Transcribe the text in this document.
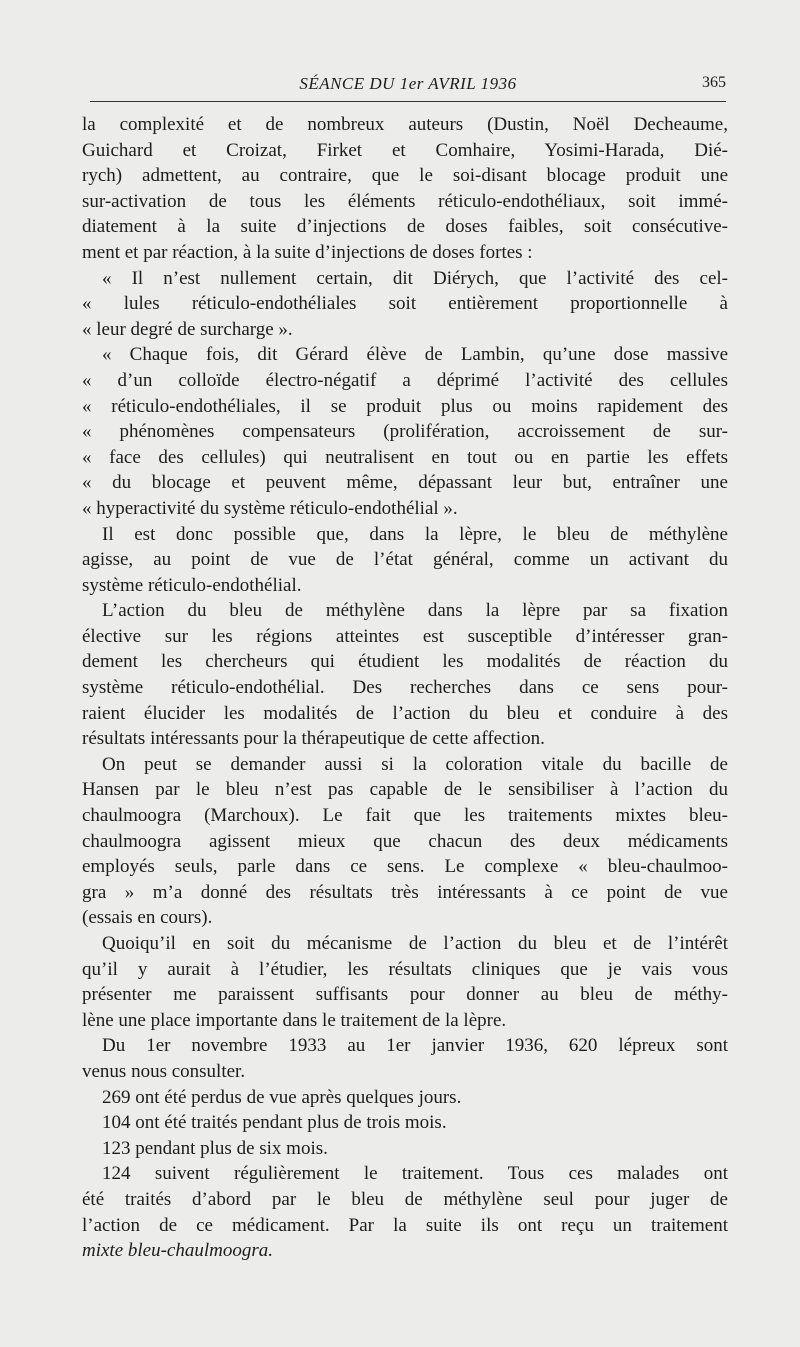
SÉANCE DU 1er AVRIL 1936	365
la complexité et de nombreux auteurs (Dustin, Noël Decheaume,
Guichard et Croizat, Firket et Comhaire, Yosimi-Harada, Dié-
rych) admettent, au contraire, que le soi-disant blocage produit une
sur-activation de tous les éléments réticulo-endothéliaux, soit immé-
diatement à la suite d’injections de doses faibles, soit consécutive-
ment et par réaction, à la suite d’injections de doses fortes :
« Il n’est nullement certain, dit Diérych, que l’activité des cel-
« lules réticulo-endothéliales soit entièrement proportionnelle à
« leur degré de surcharge ».
« Chaque fois, dit Gérard élève de Lambin, qu’une dose massive
« d’un colloïde électro-négatif a déprimé l’activité des cellules
« réticulo-endothéliales, il se produit plus ou moins rapidement des
« phénomènes compensateurs (prolifération, accroissement de sur-
« face des cellules) qui neutralisent en tout ou en partie les effets
« du blocage et peuvent même, dépassant leur but, entraîner une
« hyperactivité du système réticulo-endothélial ».
Il est donc possible que, dans la lèpre, le bleu de méthylène
agisse, au point de vue de l’état général, comme un activant du
système réticulo-endothélial.
L’action du bleu de méthylène dans la lèpre par sa fixation
élective sur les régions atteintes est susceptible d’intéresser gran-
dement les chercheurs qui étudient les modalités de réaction du
système réticulo-endothélial. Des recherches dans ce sens pour-
raient élucider les modalités de l’action du bleu et conduire à des
résultats intéressants pour la thérapeutique de cette affection.
On peut se demander aussi si la coloration vitale du bacille de
Hansen par le bleu n’est pas capable de le sensibiliser à l’action du
chaulmoogra (Marchoux). Le fait que les traitements mixtes bleu-
chaulmoogra agissent mieux que chacun des deux médicaments
employés seuls, parle dans ce sens. Le complexe « bleu-chaulmoo-
gra » m’a donné des résultats très intéressants à ce point de vue
(essais en cours).
Quoiqu’il en soit du mécanisme de l’action du bleu et de l’intérêt
qu’il y aurait à l’étudier, les résultats cliniques que je vais vous
présenter me paraissent suffisants pour donner au bleu de méthy-
lène une place importante dans le traitement de la lèpre.
Du 1er novembre 1933 au 1er janvier 1936, 620 lépreux sont
venus nous consulter.
269 ont été perdus de vue après quelques jours.
104 ont été traités pendant plus de trois mois.
123 pendant plus de six mois.
124 suivent régulièrement le traitement. Tous ces malades ont
été traités d’abord par le bleu de méthylène seul pour juger de
l’action de ce médicament. Par la suite ils ont reçu un traitement
mixte bleu-chaulmoogra.
